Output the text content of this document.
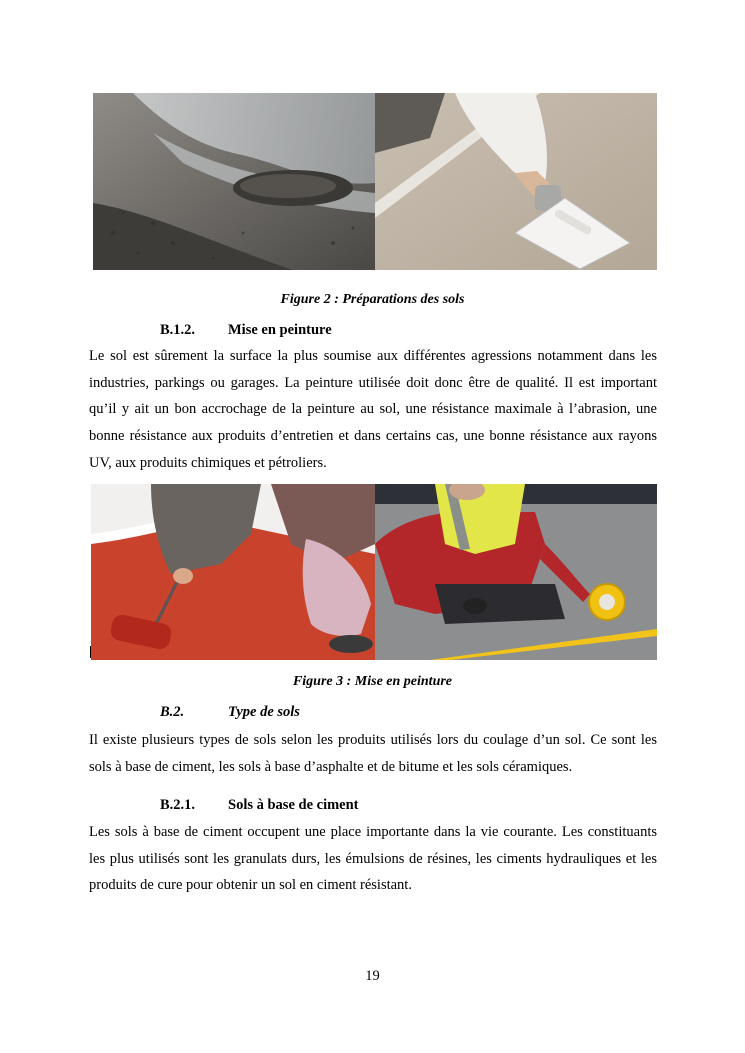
Figure 2 : Préparations des sols
B.1.2. Mise en peinture

Le sol est sûrement la surface la plus soumise aux différentes agressions notamment dans les industries, parkings ou garages. La peinture utilisée doit donc être de qualité. Il est important qu’il y ait un bon accrochage de la peinture au sol, une résistance maximale à l’abrasion, une bonne résistance aux produits d’entretien et dans certains cas, une bonne résistance aux rayons UV, aux produits chimiques et pétroliers.

Figure 3 : Mise en peinture
B.2.	Type de sols

Il existe plusieurs types de sols selon les produits utilisés lors du coulage d’un sol. Ce sont les sols à base de ciment, les sols à base d’asphalte et de bitume et les sols céramiques.

B.2.1. Sols à base de ciment

Les sols à base de ciment occupent une place importante dans la vie courante. Les constituants les plus utilisés sont les granulats durs, les émulsions de résines, les ciments hydrauliques et les produits de cure pour obtenir un sol en ciment résistant.

19
